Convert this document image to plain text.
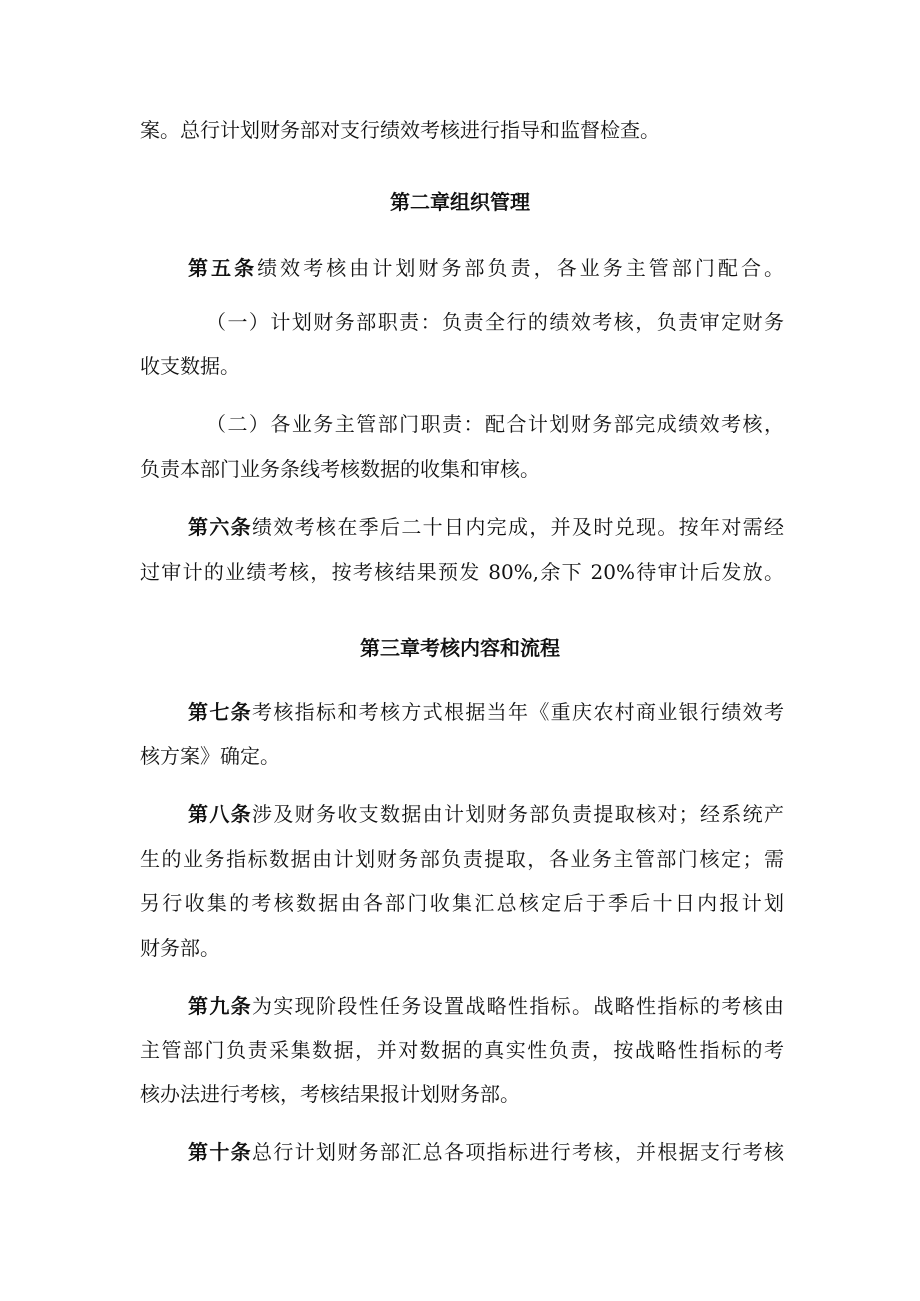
案。总行计划财务部对支行绩效考核进行指导和监督检查。
第二章组织管理
第五条绩效考核由计划财务部负责，各业务主管部门配合。
（一）计划财务部职责：负责全行的绩效考核，负责审定财务
收支数据。
（二）各业务主管部门职责：配合计划财务部完成绩效考核，
负责本部门业务条线考核数据的收集和审核。
第六条绩效考核在季后二十日内完成，并及时兑现。按年对需经
过审计的业绩考核，按考核结果预发 80%,余下 20%待审计后发放。
第三章考核内容和流程
第七条考核指标和考核方式根据当年《重庆农村商业银行绩效考
核方案》确定。
第八条涉及财务收支数据由计划财务部负责提取核对；经系统产
生的业务指标数据由计划财务部负责提取，各业务主管部门核定；需
另行收集的考核数据由各部门收集汇总核定后于季后十日内报计划
财务部。
第九条为实现阶段性任务设置战略性指标。战略性指标的考核由
主管部门负责采集数据，并对数据的真实性负责，按战略性指标的考
核办法进行考核，考核结果报计划财务部。
第十条总行计划财务部汇总各项指标进行考核，并根据支行考核
